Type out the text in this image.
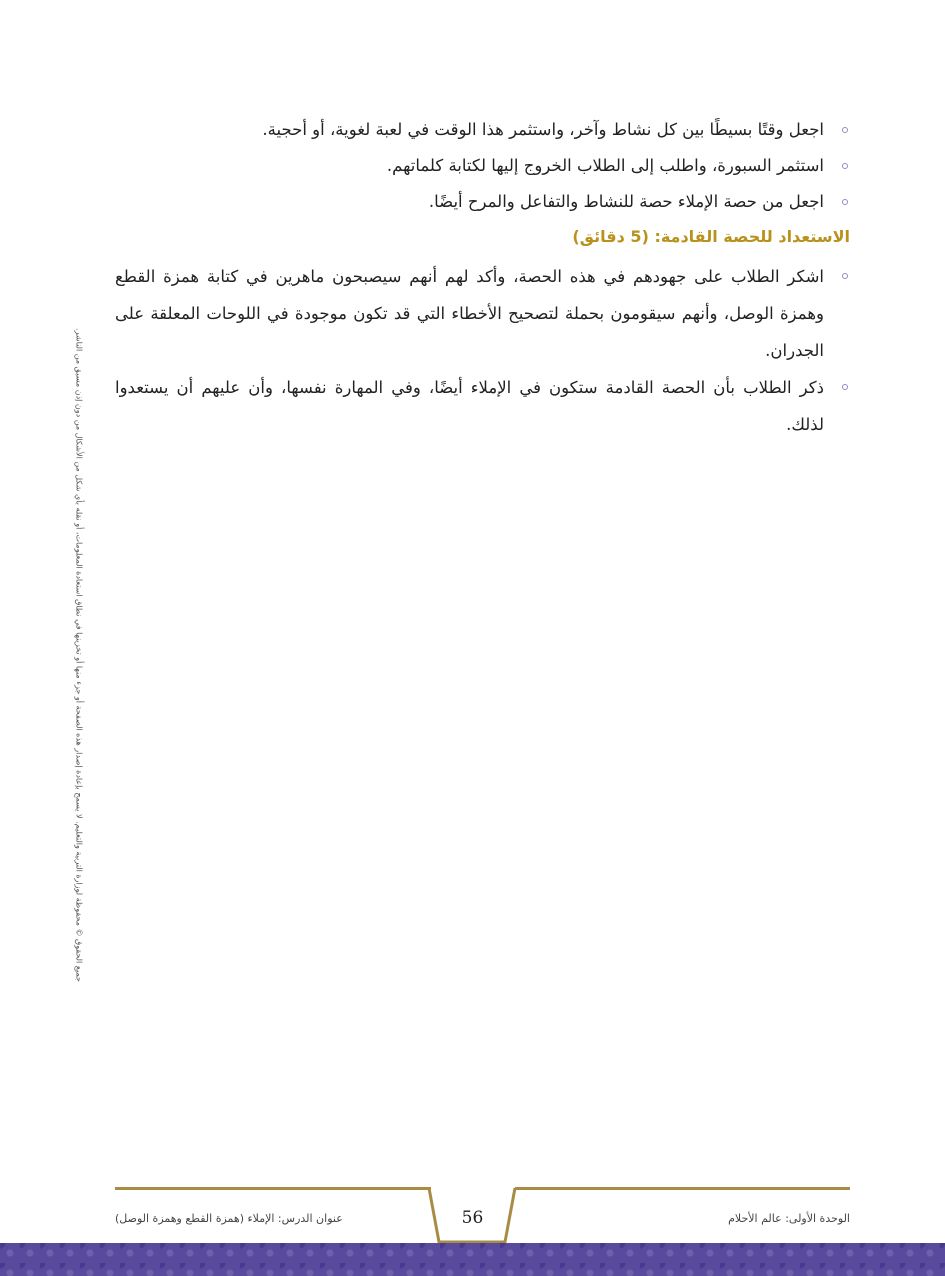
اجعل وقتًا بسيطًا بين كل نشاط وآخر، واستثمر هذا الوقت في لعبة لغوية، أو أحجية.
استثمر السبورة، واطلب إلى الطلاب الخروج إليها لكتابة كلماتهم.
اجعل من حصة الإملاء حصة للنشاط والتفاعل والمرح أيضًا.
الاستعداد للحصة القادمة: (5 دقائق)
اشكر الطلاب على جهودهم في هذه الحصة، وأكد لهم أنهم سيصبحون ماهرين في كتابة همزة القطع وهمزة الوصل، وأنهم سيقومون بحملة لتصحيح الأخطاء التي قد تكون موجودة في اللوحات المعلقة على الجدران.
ذكر الطلاب بأن الحصة القادمة ستكون في الإملاء أيضًا، وفي المهارة نفسها، وأن عليهم أن يستعدوا لذلك.
جميع الحقوق © محفوظة لوزارة التربية والتعليم. لا يسمح بإعادة إصدار هذه الصفحة أو جزء منها أو تخزينها في نطاق استعادة المعلومات، أو نقله بأي شكل من الأشكال من دون إذن مسبق من الناشر.
56
عنوان الدرس: الإملاء (همزة القطع وهمزة الوصل)	الوحدة الأولى: عالم الأحلام
